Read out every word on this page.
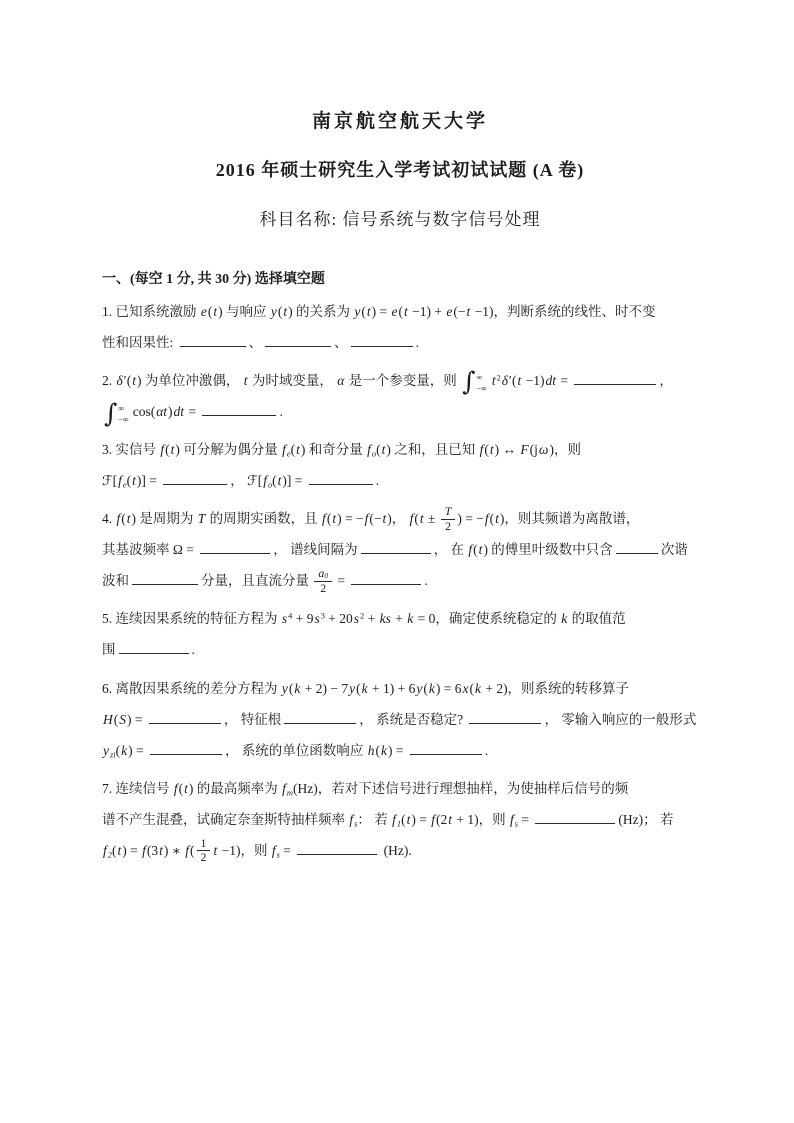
南京航空航天大学
2016 年硕士研究生入学考试初试试题 (A 卷)
科目名称: 信号系统与数字信号处理
一、(每空 1 分, 共 30 分) 选择填空题
1. 已知系统激励 e(t) 与响应 y(t) 的关系为 y(t) = e(t −1) + e(−t −1)，判断系统的线性、时不变
性和因果性:	、	、	.
2. δ′(t) 为单位冲激偶， t 为时域变量， α 是一个参变量，则 ∫ ∞
−∞
$t^2\delta'(t -1)dt$ =	，
∫ ∞
−∞
cos(αt)dt =	.
3. 实信号 f(t) 可分解为偶分量 fe(t) 和奇分量 fo(t) 之和，且已知 f(t) ↔ F(jω)，则
ℱ[fe(t)] =	， ℱ[fo(t)] =	.
4. f(t) 是周期为 T 的周期实函数，且 f(t) = −f(−t)， $f(t \pm \frac{T}{2}$ ) = −f(t)，则其频谱为离散谱，
其基波频率 Ω =	， 谱线间隔为	， 在 f(t) 的傅里叶级数中只含	次谐
波和	分量，且直流分量 $\frac{a0}{2}$ =	.
5. 连续因果系统的特征方程为 $s^4 + 9s^3 + 20s^2$ + ks + k = 0，确定使系统稳定的 k 的取值范
围	.
6. 离散因果系统的差分方程为 y(k + 2) − 7y(k + 1) + 6y(k) = 6x(k + 2)，则系统的转移算子
H(S) =	， 特征根	， 系统是否稳定?	， 零输入响应的一般形式
yzi(k) =	， 系统的单位函数响应 h(k) =	.
7. 连续信号 f(t) 的最高频率为 fm(Hz)，若对下述信号进行理想抽样，为使抽样后信号的频
谱不产生混叠，试确定奈奎斯特抽样频率 fs： 若 f1(t) = f(2t + 1)，则 fs =	(Hz)； 若
f2(t) = f(3t) ∗ $f( \frac{1}{2}$ t −1)，则 fs =	(Hz).
